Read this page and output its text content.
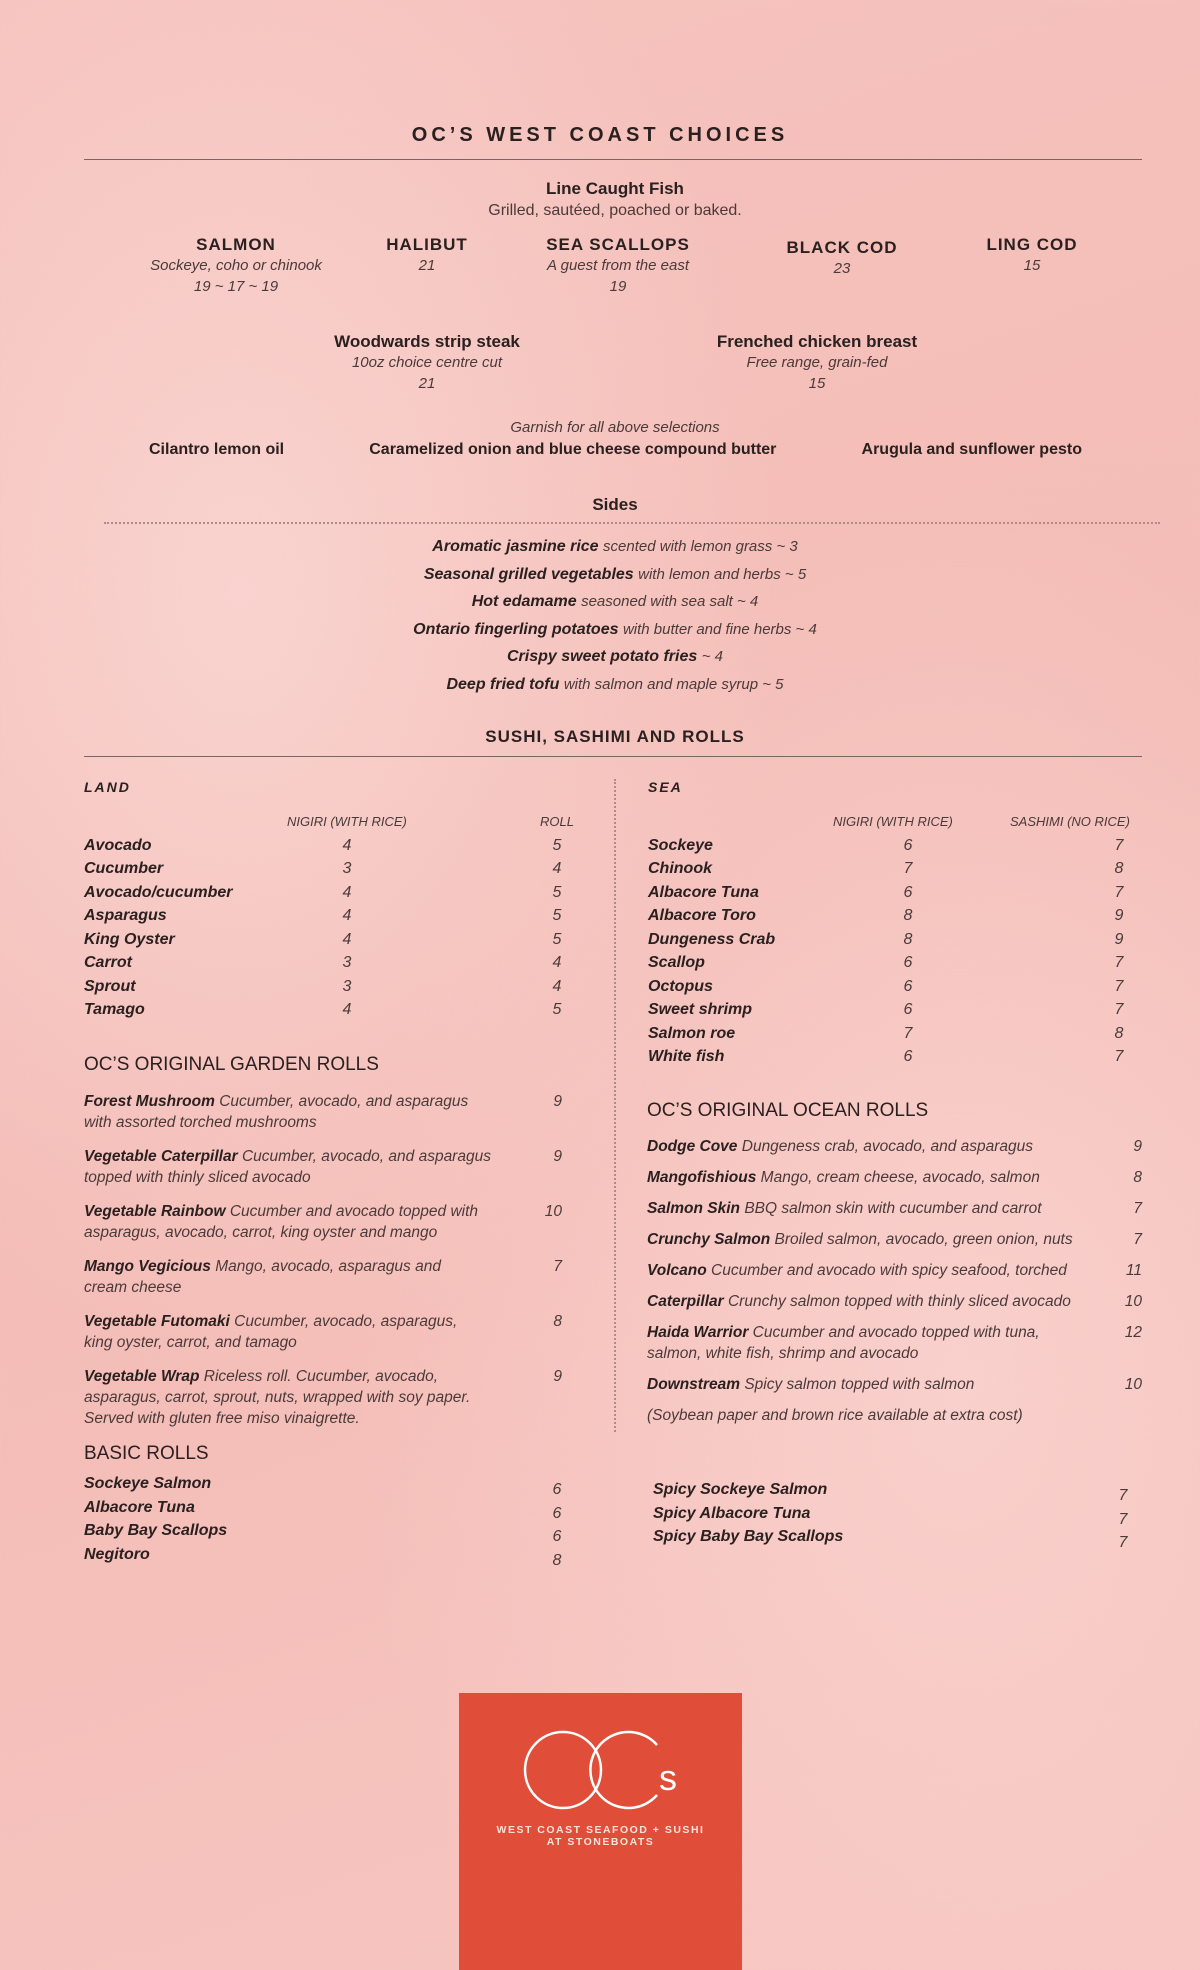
OC’S WEST COAST CHOICES
Line Caught Fish
Grilled, sautéed, poached or baked.
SALMON
Sockeye, coho or chinook
19 ~ 17 ~ 19
HALIBUT
21
SEA SCALLOPS
A guest from the east
19
BLACK COD
23
LING COD
15
Woodwards strip steak
10oz choice centre cut
21
Frenched chicken breast
Free range, grain-fed
15
Garnish for all above selections
Cilantro lemon oil	Caramelized onion and blue cheese compound butter	Arugula and sunflower pesto
Sides
Aromatic jasmine rice scented with lemon grass ~ 3
Seasonal grilled vegetables with lemon and herbs ~ 5
Hot edamame seasoned with sea salt ~ 4
Ontario fingerling potatoes with butter and fine herbs ~ 4
Crispy sweet potato fries ~ 4
Deep fried tofu with salmon and maple syrup ~ 5
SUSHI, SASHIMI AND ROLLS
LAND
NIGIRI (WITH RICE)	ROLL
Avocado	4	5
Cucumber	3	4
Avocado/cucumber	4	5
Asparagus	4	5
King Oyster	4	5
Carrot	3	4
Sprout	3	4
Tamago	4	5
SEA
NIGIRI (WITH RICE)	SASHIMI (NO RICE)
Sockeye	6	7
Chinook	7	8
Albacore Tuna	6	7
Albacore Toro	8	9
Dungeness Crab	8	9
Scallop	6	7
Octopus	6	7
Sweet shrimp	6	7
Salmon roe	7	8
White fish	6	7
OC’S ORIGINAL GARDEN ROLLS
Forest Mushroom Cucumber, avocado, and asparagus
with assorted torched mushrooms
9
Vegetable Caterpillar Cucumber, avocado, and asparagus
topped with thinly sliced avocado
9
Vegetable Rainbow Cucumber and avocado topped with
asparagus, avocado, carrot, king oyster and mango
10
Mango Vegicious Mango, avocado, asparagus and
cream cheese
7
Vegetable Futomaki Cucumber, avocado, asparagus,
king oyster, carrot, and tamago
8
Vegetable Wrap Riceless roll. Cucumber, avocado,
asparagus, carrot, sprout, nuts, wrapped with soy paper.
Served with gluten free miso vinaigrette.
9
BASIC ROLLS
Sockeye Salmon	6
Albacore Tuna	6
Baby Bay Scallops	6
Negitoro	8
OC’S ORIGINAL OCEAN ROLLS
Dodge Cove Dungeness crab, avocado, and asparagus	9
Mangofishious Mango, cream cheese, avocado, salmon	8
Salmon Skin BBQ salmon skin with cucumber and carrot	7
Crunchy Salmon Broiled salmon, avocado, green onion, nuts	7
Volcano Cucumber and avocado with spicy seafood, torched	11
Caterpillar Crunchy salmon topped with thinly sliced avocado	10
Haida Warrior Cucumber and avocado topped with tuna,
salmon, white fish, shrimp and avocado
12
Downstream Spicy salmon topped with salmon	10
(Soybean paper and brown rice available at extra cost)
Spicy Sockeye Salmon	7
Spicy Albacore Tuna	7
Spicy Baby Bay Scallops	7
s
WEST COAST SEAFOOD + SUSHI
AT STONEBOATS
